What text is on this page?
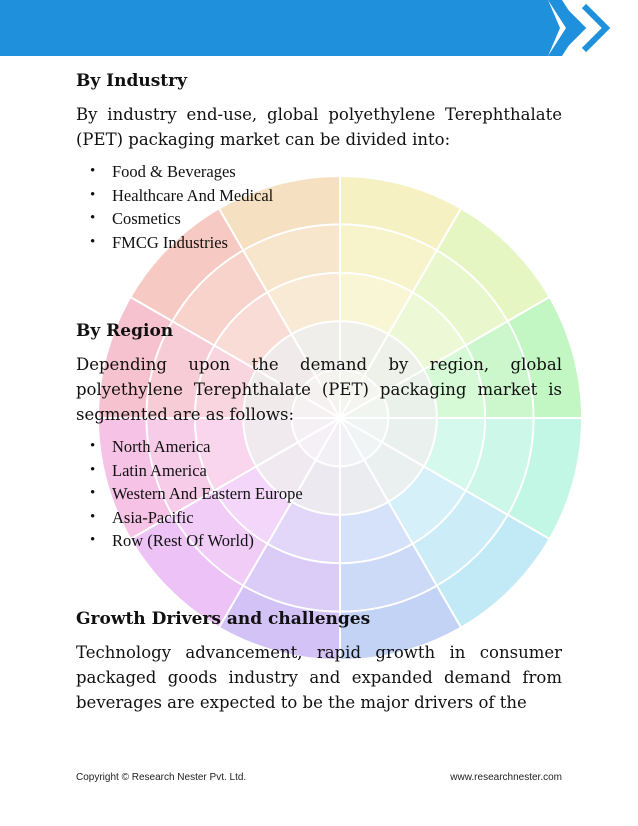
By Industry

By industry end-use, global polyethylene Terephthalate (PET) packaging market can be divided into:

• Food & Beverages
• Healthcare And Medical
• Cosmetics
• FMCG Industries
By Region

Depending upon the demand by region, global polyethylene Terephthalate (PET) packaging market is segmented are as follows:

• North America
• Latin America
• Western And Eastern Europe
• Asia-Pacific
• Row (Rest Of World)
Growth Drivers and challenges

Technology advancement, rapid growth in consumer packaged goods industry and expanded demand from beverages are expected to be the major drivers of the

Copyright © Research Nester Pvt. Ltd.	www.researchnester.com
